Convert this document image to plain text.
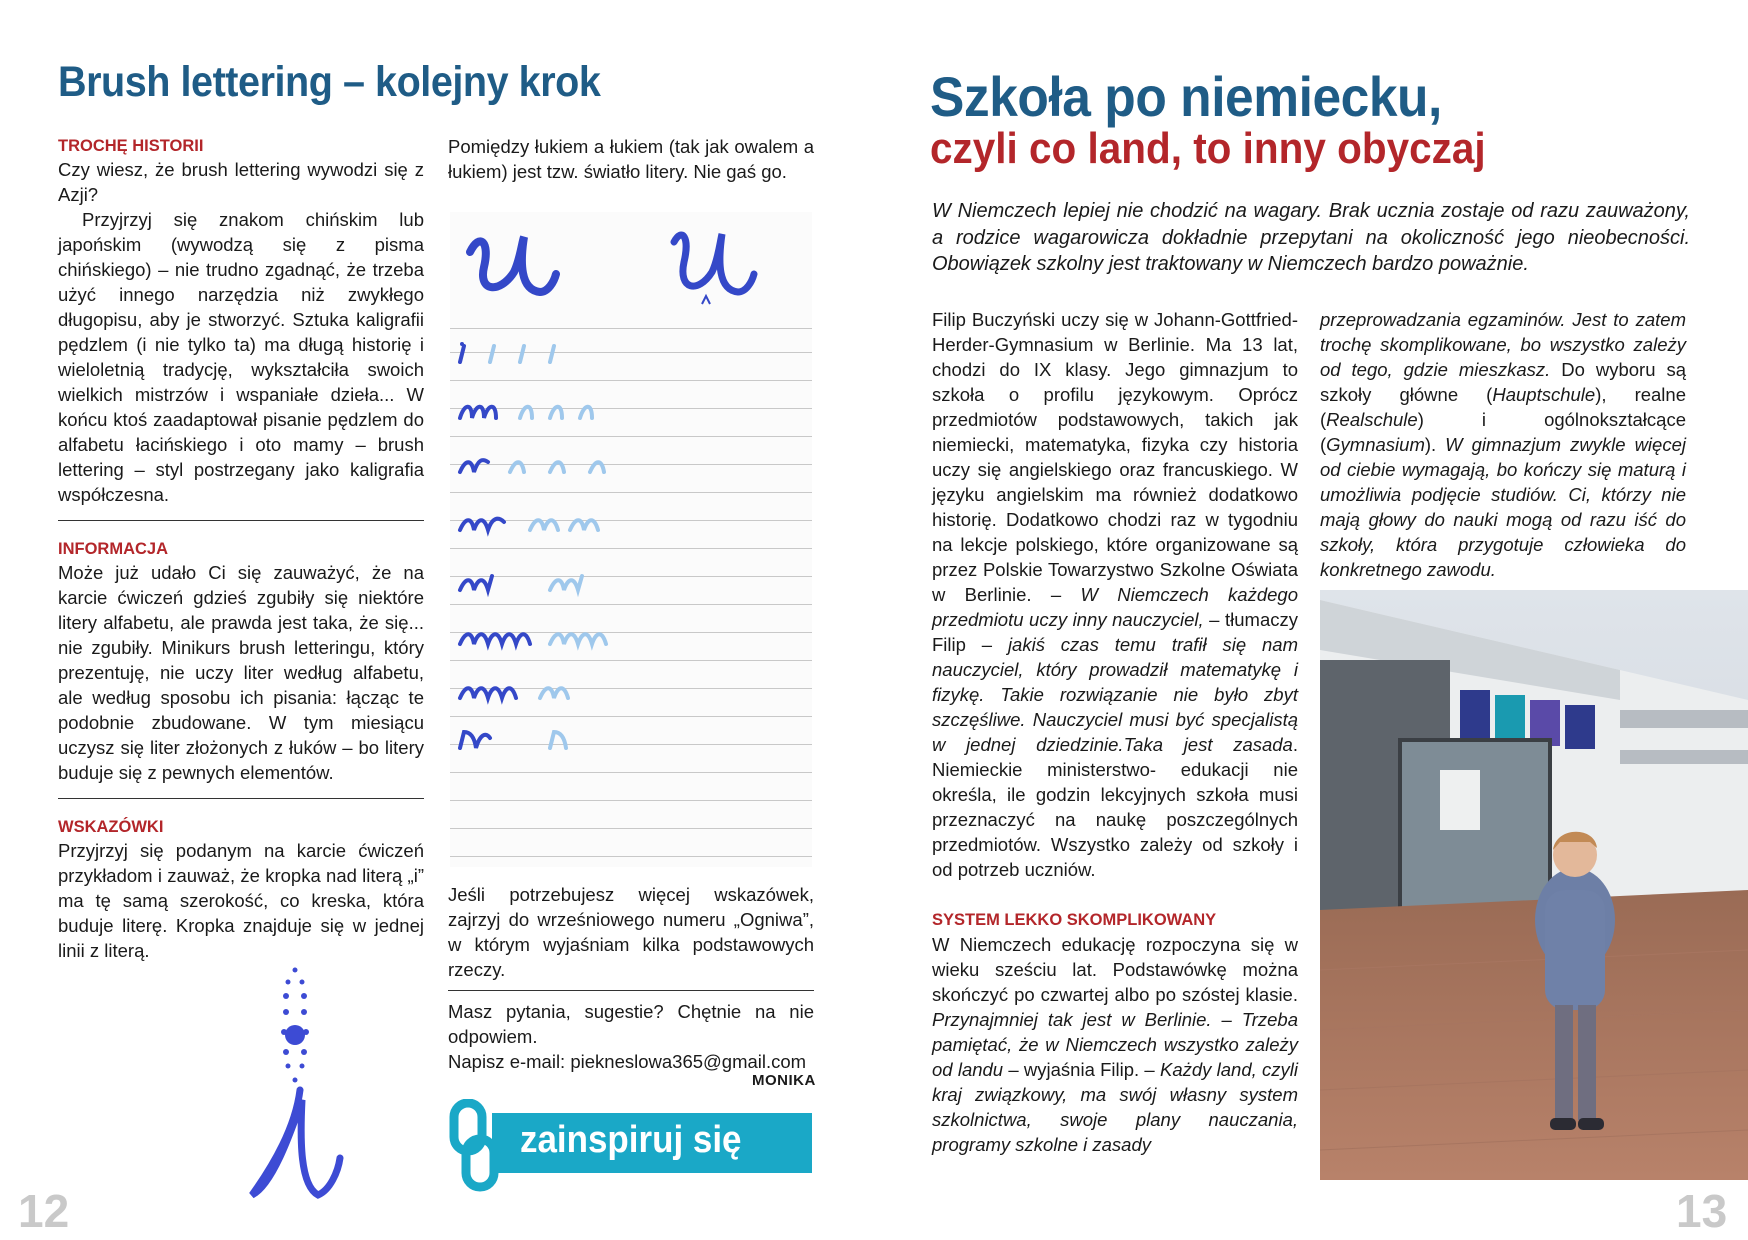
Brush lettering – kolejny krok
TROCHĘ HISTORII

Czy wiesz, że brush lettering wywodzi się z Azji?

Przyjrzyj się znakom chińskim lub japońskim (wywodzą się z pisma chińskiego) – nie trudno zgadnąć, że trzeba użyć innego narzędzia niż zwykłego długopisu, aby je stworzyć. Sztuka kaligrafii pędzlem (i nie tylko ta) ma długą historię i wieloletnią tradycję, wykształciła swoich wielkich mistrzów i wspaniałe dzieła... W końcu ktoś zaadaptował pisanie pędzlem do alfabetu łacińskiego i oto mamy – brush lettering – styl postrzegany jako kaligrafia współczesna.

INFORMACJA

Może już udało Ci się zauważyć, że na karcie ćwiczeń gdzieś zgubiły się niektóre litery alfabetu, ale prawda jest taka, że się... nie zgubiły. Minikurs brush letteringu, który prezentuję, nie uczy liter według alfabetu, ale według sposobu ich pisania: łącząc te podobnie zbudowane. W tym miesiącu uczysz się liter złożonych z łuków – bo litery buduje się z pewnych elementów.

WSKAZÓWKI

Przyjrzyj się podanym na karcie ćwiczeń przykładom i zauważ, że kropka nad literą „i” ma tę samą szerokość, co kreska, która buduje literę. Kropka znajduje się w jednej linii z literą.

Pomiędzy łukiem a łukiem (tak jak owalem a łukiem) jest tzw. światło litery. Nie gaś go.

Jeśli potrzebujesz więcej wskazówek, zajrzyj do wrześniowego numeru „Ogniwa”, w którym wyjaśniam kilka podstawowych rzeczy.

Masz pytania, sugestie? Chętnie na nie odpowiem.

Napisz e-mail: piekneslowa365@gmail.com

MONIKA
zainspiruj się
12
Szkoła po niemiecku,
czyli co land, to inny obyczaj
W Niemczech lepiej nie chodzić na wagary. Brak ucznia zostaje od razu zauważony, a rodzice wagarowicza dokładnie przepytani na okoliczność jego nieobecności. Obowiązek szkolny jest traktowany w Niemczech bardzo poważnie.

Filip Buczyński uczy się w Johann-Gottfried-Herder-Gymnasium w Berlinie. Ma 13 lat, chodzi do IX klasy. Jego gimnazjum to szkoła o profilu językowym. Oprócz przedmiotów podstawowych, takich jak niemiecki, matematyka, fizyka czy historia uczy się angielskiego oraz francuskiego. W języku angielskim ma również dodatkowo historię. Dodatkowo chodzi raz w tygodniu na lekcje polskiego, które organizowane są przez Polskie Towarzystwo Szkolne Oświata w Berlinie. – W Niemczech każdego przedmiotu uczy inny nauczyciel, – tłumaczy Filip – jakiś czas temu trafił się nam nauczyciel, który prowadził matematykę i fizykę. Takie rozwiązanie nie było zbyt szczęśliwe. Nauczyciel musi być specjalistą w jednej dziedzinie.Taka jest zasada. Niemieckie ministerstwo- edukacji nie określa, ile godzin lekcyjnych szkoła musi przeznaczyć na naukę poszczególnych przedmiotów. Wszystko zależy od szkoły i od potrzeb uczniów.

SYSTEM LEKKO SKOMPLIKOWANY

W Niemczech edukację rozpoczyna się w wieku sześciu lat. Podstawówkę można skończyć po czwartej albo po szóstej klasie. Przynajmniej tak jest w Berlinie. – Trzeba pamiętać, że w Niemczech wszystko zależy od landu – wyjaśnia Filip. – Każdy land, czyli kraj związkowy, ma swój własny system szkolnictwa, swoje plany nauczania, programy szkolne i zasady

przeprowadzania egzaminów. Jest to zatem trochę skomplikowane, bo wszystko zależy od tego, gdzie mieszkasz. Do wyboru są szkoły główne (Hauptschule), realne (Realschule) i ogólnokształcące (Gymnasium). W gimnazjum zwykle więcej od ciebie wymagają, bo kończy się maturą i umożliwia podjęcie studiów. Ci, którzy nie mają głowy do nauki mogą od razu iść do szkoły, która przygotuje człowieka do konkretnego zawodu.

13
